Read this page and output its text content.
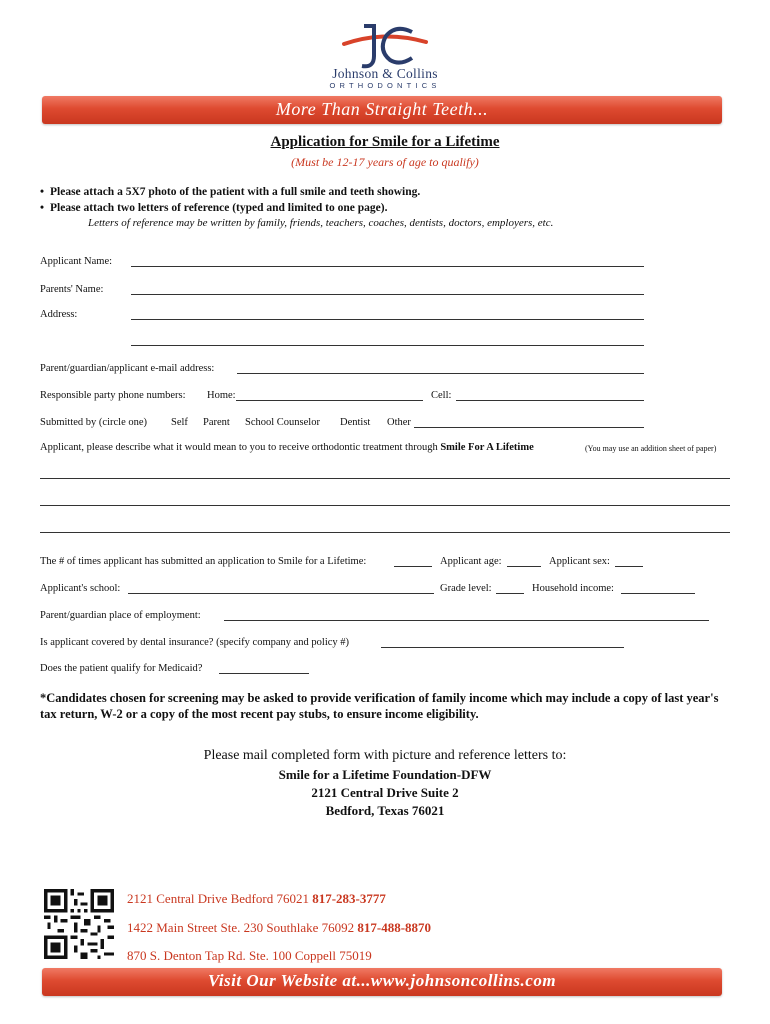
Johnson & Collins
ORTHODONTICS
More Than Straight Teeth...
Application for Smile for a Lifetime
(Must be 12-17 years of age to qualify)
• Please attach a 5X7 photo of the patient with a full smile and teeth showing.
• Please attach two letters of reference (typed and limited to one page).
Letters of reference may be written by family, friends, teachers, coaches, dentists, doctors, employers, etc.
Applicant Name:
Parents' Name:
Address:
Parent/guardian/applicant e-mail address:
Responsible party phone numbers: Home:	Cell:
Submitted by (circle one) Self Parent School Counselor Dentist Other
Applicant, please describe what it would mean to you to receive orthodontic treatment through Smile For A Lifetime	(You may use an addition sheet of paper)
The # of times applicant has submitted an application to Smile for a Lifetime:	Applicant age:	Applicant sex:
Applicant's school:	Grade level:	Household income:
Parent/guardian place of employment:
Is applicant covered by dental insurance? (specify company and policy #)
Does the patient qualify for Medicaid?
*Candidates chosen for screening may be asked to provide verification of family income which may include a copy of last year's tax return, W-2 or a copy of the most recent pay stubs, to ensure income eligibility.
Please mail completed form with picture and reference letters to:
Smile for a Lifetime Foundation-DFW
2121 Central Drive Suite 2
Bedford, Texas 76021
2121 Central Drive Bedford 76021 817-283-3777
1422 Main Street Ste. 230 Southlake 76092 817-488-8870
870 S. Denton Tap Rd. Ste. 100 Coppell 75019
Visit Our Website at...www.johnsoncollins.com
